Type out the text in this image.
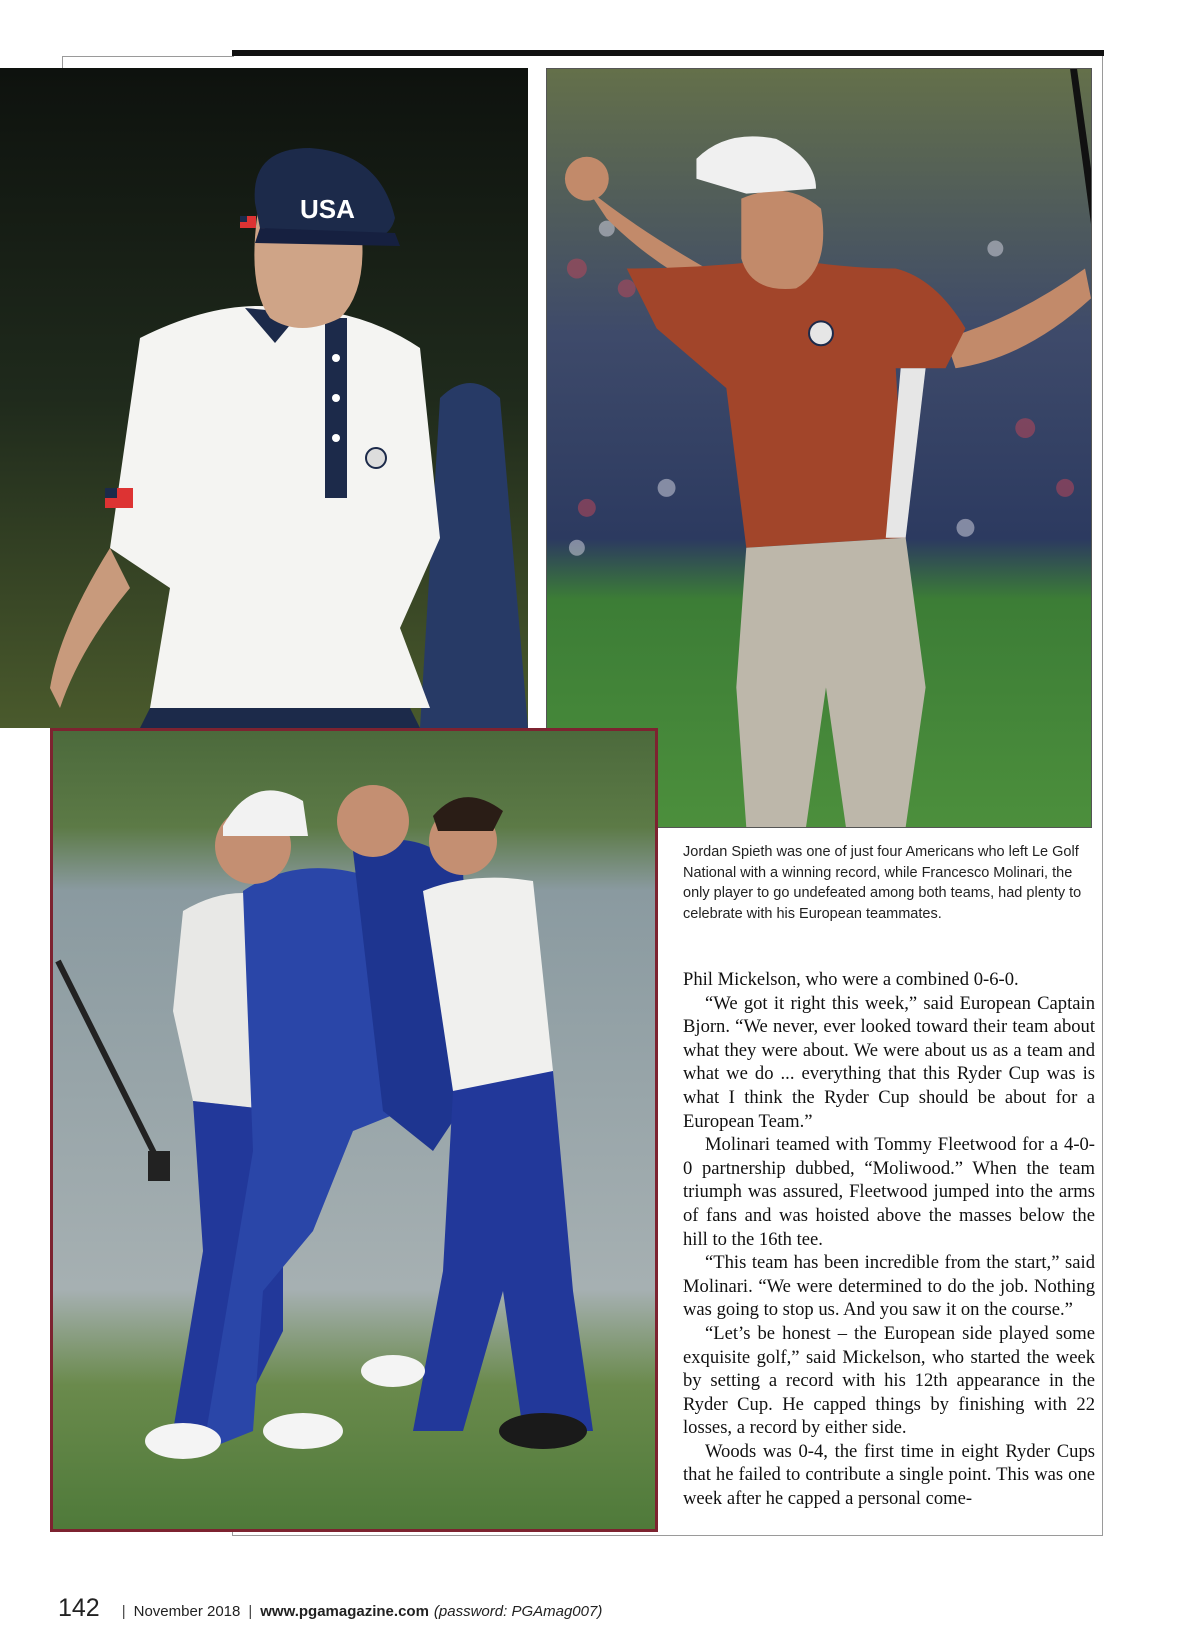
USA
Jordan Spieth was one of just four Americans who left Le Golf National with a winning record, while Francesco Molinari, the only player to go undefeated among both teams, had plenty to celebrate with his European teammates.

Phil Mickelson, who were a combined 0-6-0.

“We got it right this week,” said European Captain Bjorn. “We never, ever looked toward their team about what they were about. We were about us as a team and what we do ... everything that this Ryder Cup was is what I think the Ryder Cup should be about for a European Team.”

Molinari teamed with Tommy Fleetwood for a 4-0-0 partnership dubbed, “Moliwood.” When the team triumph was assured, Fleetwood jumped into the arms of fans and was hoisted above the masses below the hill to the 16th tee.

“This team has been incredible from the start,” said Molinari. “We were determined to do the job. Nothing was going to stop us. And you saw it on the course.”

“Let’s be honest – the European side played some exquisite golf,” said Mickelson, who started the week by setting a record with his 12th appearance in the Ryder Cup. He capped things by finishing with 22 losses, a record by either side.

Woods was 0-4, the first time in eight Ryder Cups that he failed to contribute a single point. This was one week after he capped a personal come-

142 | November 2018 | www.pgamagazine.com (password: PGAmag007)
